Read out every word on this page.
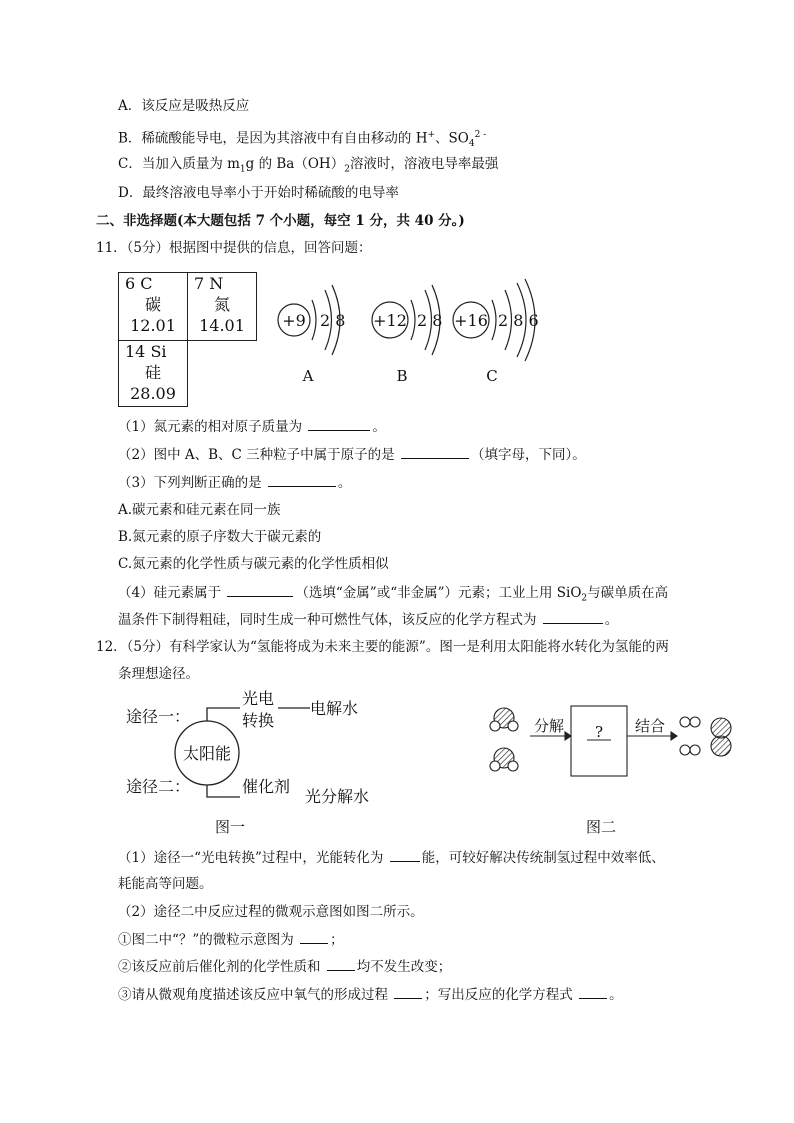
A．该反应是吸热反应
B．稀硫酸能导电，是因为其溶液中有自由移动的 H+、$SO_4^{2 -}$
C．当加入质量为 $m_1g$ 的 $Ba(OH)_2$溶液时，溶液电导率最强
D．最终溶液电导率小于开始时稀硫酸的电导率
二、非选择题(本大题包括 7 个小题，每空 1 分，共 40 分。)
11．（5分）根据图中提供的信息，回答问题：
6 C
碳
12.01
7 N
氮
14.01
14 Si
硅
28.09
+9 2 8
A
+12 2 8
B
+16 2 8 6
C
（1）氮元素的相对原子质量为	。
（2）图中 A、B、C 三种粒子中属于原子的是	（填字母，下同）。
（3）下列判断正确的是	。
A.碳元素和硅元素在同一族
B.氮元素的原子序数大于碳元素的
C.氮元素的化学性质与碳元素的化学性质相似
（4）硅元素属于	（选填“金属”或“非金属”）元素；工业上用 SiO$_2$与碳单质在高
温条件下制得粗硅，同时生成一种可燃性气体，该反应的化学方程式为	。
12．（5分）有科学家认为“氢能将成为未来主要的能源”。图一是利用太阳能将水转化为氢能的两
条理想途径。
途径一：
途径二：
太阳能
光电
转换
电解水
催化剂
光分解水
图一
分解 ? 结合
图二
（1）途径一“光电转换”过程中，光能转化为	能，可较好解决传统制氢过程中效率低、
耗能高等问题。
（2）途径二中反应过程的微观示意图如图二所示。
①图二中“？”的微粒示意图为	；
②该反应前后催化剂的化学性质和	均不发生改变；
③请从微观角度描述该反应中氧气的形成过程	；写出反应的化学方程式	。
